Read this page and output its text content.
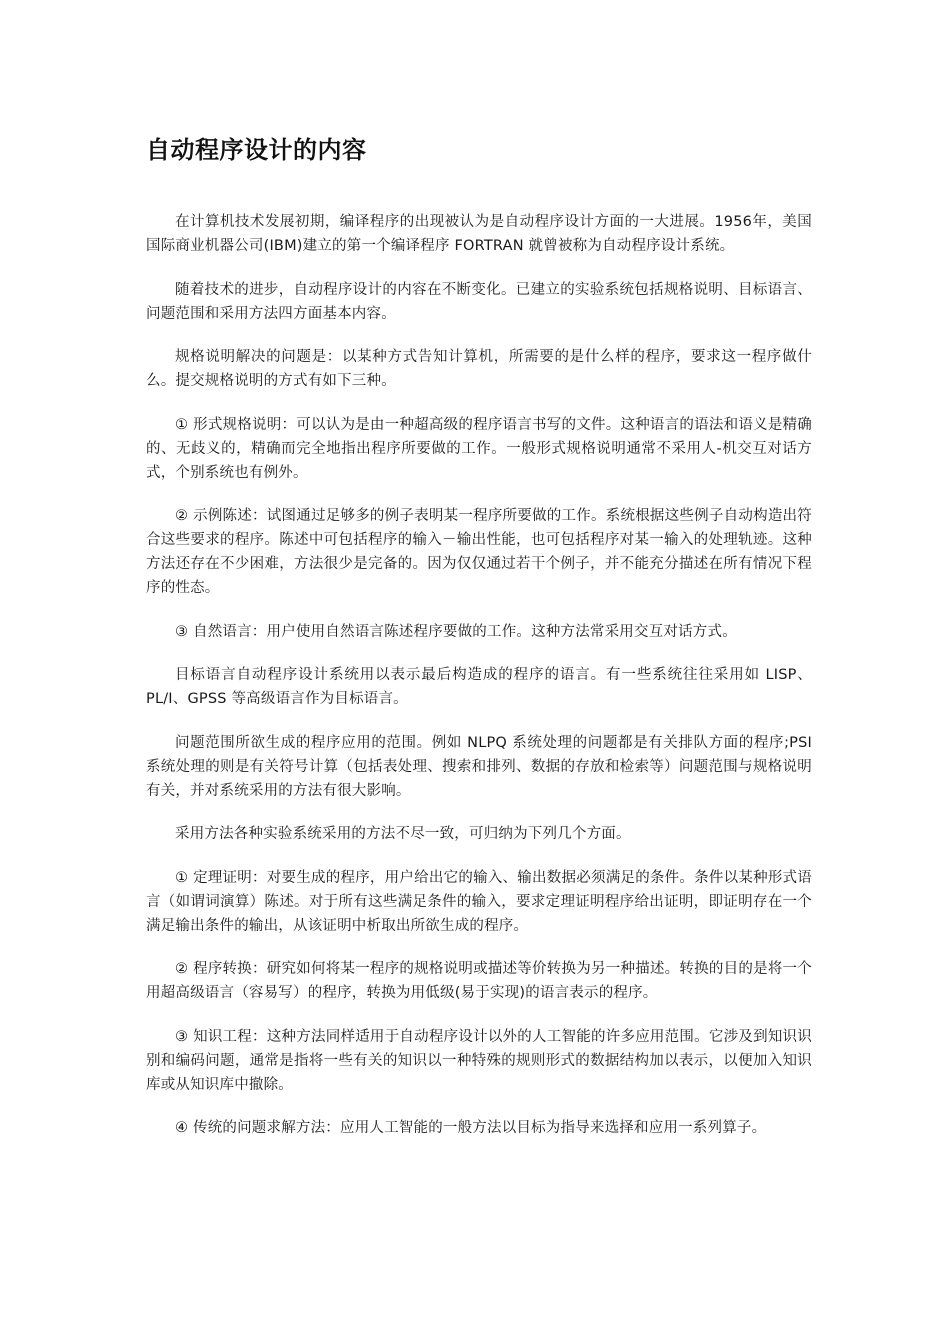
自动程序设计的内容

在计算机技术发展初期，编译程序的出现被认为是自动程序设计方面的一大进展。1956年，美国国际商业机器公司(IBM)建立的第一个编译程序 FORTRAN 就曾被称为自动程序设计系统。

随着技术的进步，自动程序设计的内容在不断变化。已建立的实验系统包括规格说明、目标语言、问题范围和采用方法四方面基本内容。

规格说明解决的问题是：以某种方式告知计算机，所需要的是什么样的程序，要求这一程序做什么。提交规格说明的方式有如下三种。

① 形式规格说明：可以认为是由一种超高级的程序语言书写的文件。这种语言的语法和语义是精确的、无歧义的，精确而完全地指出程序所要做的工作。一般形式规格说明通常不采用人-机交互对话方式，个别系统也有例外。

② 示例陈述：试图通过足够多的例子表明某一程序所要做的工作。系统根据这些例子自动构造出符合这些要求的程序。陈述中可包括程序的输入－输出性能，也可包括程序对某一输入的处理轨迹。这种方法还存在不少困难，方法很少是完备的。因为仅仅通过若干个例子，并不能充分描述在所有情况下程序的性态。

③ 自然语言：用户使用自然语言陈述程序要做的工作。这种方法常采用交互对话方式。

目标语言自动程序设计系统用以表示最后构造成的程序的语言。有一些系统往往采用如 LISP、PL/I、GPSS 等高级语言作为目标语言。

问题范围所欲生成的程序应用的范围。例如 NLPQ 系统处理的问题都是有关排队方面的程序;PSI 系统处理的则是有关符号计算（包括表处理、搜索和排列、数据的存放和检索等）问题范围与规格说明有关，并对系统采用的方法有很大影响。

采用方法各种实验系统采用的方法不尽一致，可归纳为下列几个方面。

① 定理证明：对要生成的程序，用户给出它的输入、输出数据必须满足的条件。条件以某种形式语言（如谓词演算）陈述。对于所有这些满足条件的输入，要求定理证明程序给出证明，即证明存在一个满足输出条件的输出，从该证明中析取出所欲生成的程序。

② 程序转换：研究如何将某一程序的规格说明或描述等价转换为另一种描述。转换的目的是将一个用超高级语言（容易写）的程序，转换为用低级(易于实现)的语言表示的程序。

③ 知识工程：这种方法同样适用于自动程序设计以外的人工智能的许多应用范围。它涉及到知识识别和编码问题，通常是指将一些有关的知识以一种特殊的规则形式的数据结构加以表示，以便加入知识库或从知识库中撤除。

④ 传统的问题求解方法：应用人工智能的一般方法以目标为指导来选择和应用一系列算子。
